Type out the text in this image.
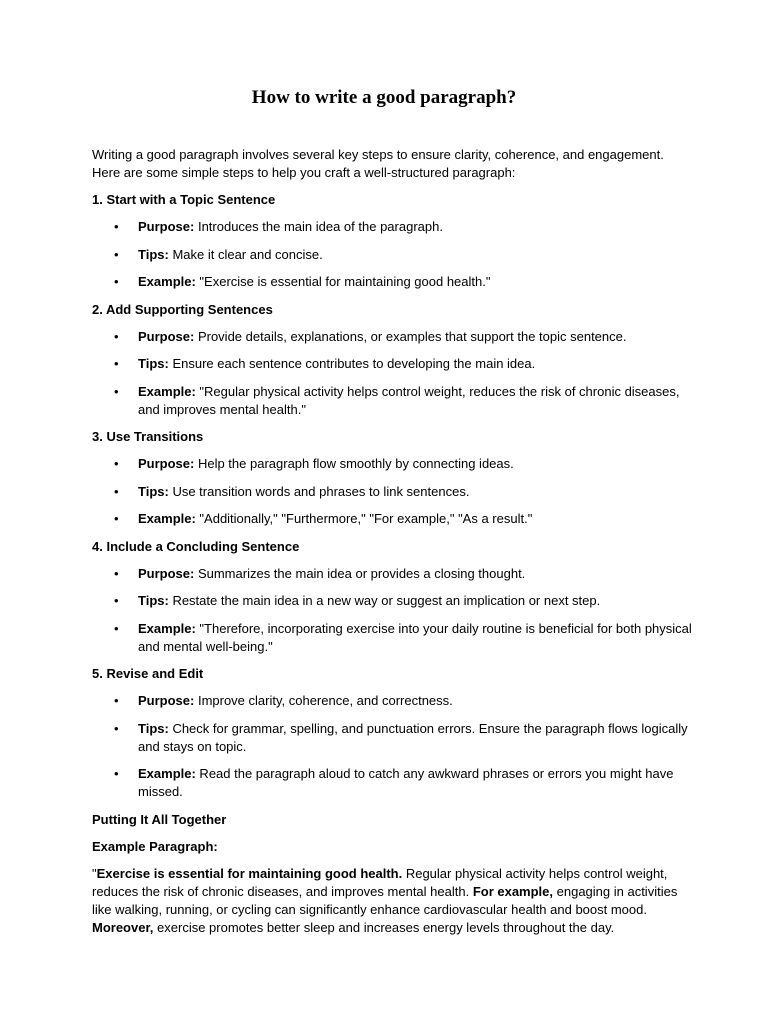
How to write a good paragraph?

Writing a good paragraph involves several key steps to ensure clarity, coherence, and engagement. Here are some simple steps to help you craft a well-structured paragraph:

1. Start with a Topic Sentence

• Purpose: Introduces the main idea of the paragraph.
• Tips: Make it clear and concise.
• Example: "Exercise is essential for maintaining good health."

2. Add Supporting Sentences

• Purpose: Provide details, explanations, or examples that support the topic sentence.
• Tips: Ensure each sentence contributes to developing the main idea.
• Example: "Regular physical activity helps control weight, reduces the risk of chronic diseases, and improves mental health."

3. Use Transitions

• Purpose: Help the paragraph flow smoothly by connecting ideas.
• Tips: Use transition words and phrases to link sentences.
• Example: "Additionally," "Furthermore," "For example," "As a result."

4. Include a Concluding Sentence

• Purpose: Summarizes the main idea or provides a closing thought.
• Tips: Restate the main idea in a new way or suggest an implication or next step.
• Example: "Therefore, incorporating exercise into your daily routine is beneficial for both physical and mental well-being."

5. Revise and Edit

• Purpose: Improve clarity, coherence, and correctness.
• Tips: Check for grammar, spelling, and punctuation errors. Ensure the paragraph flows logically and stays on topic.
• Example: Read the paragraph aloud to catch any awkward phrases or errors you might have missed.

Putting It All Together

Example Paragraph:

"Exercise is essential for maintaining good health. Regular physical activity helps control weight, reduces the risk of chronic diseases, and improves mental health. For example, engaging in activities like walking, running, or cycling can significantly enhance cardiovascular health and boost mood. Moreover, exercise promotes better sleep and increases energy levels throughout the day.
